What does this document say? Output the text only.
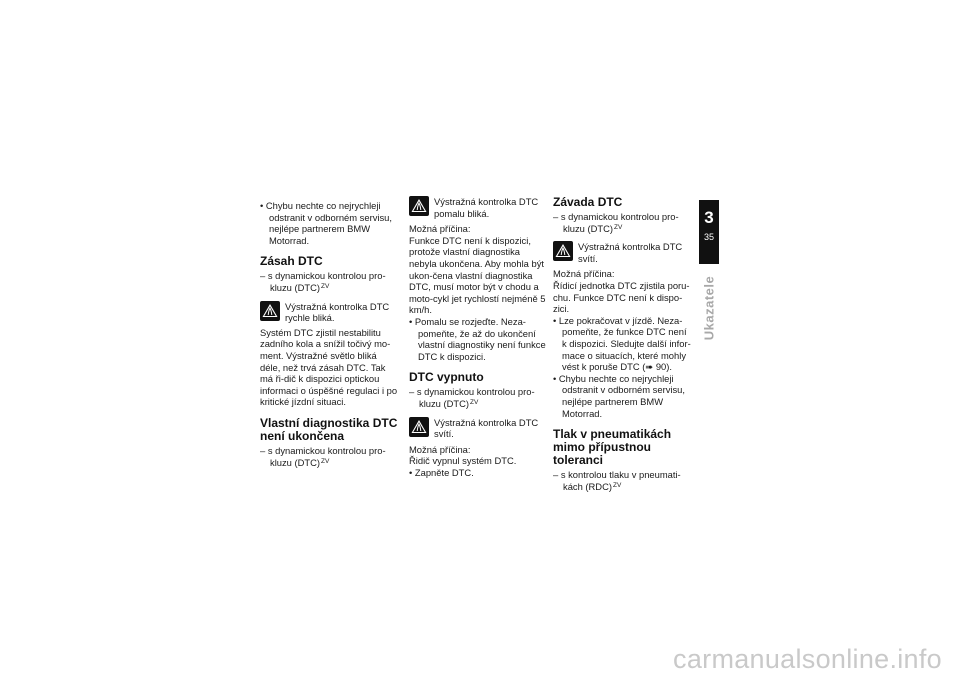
• Chybu nechte co nejrychleji odstranit v odborném servisu, nejlépe partnerem BMW Motorrad.

Zásah DTC

– s dynamickou kontrolou pro-kluzu (DTC)$^{ZV}$

Výstražná kontrolka DTC rychle bliká.

Systém DTC zjistil nestabilitu zadního kola a snížil točivý mo-ment. Výstražné světlo bliká déle, než trvá zásah DTC. Tak má ři-dič k dispozici optickou informaci o úspěšné regulaci i po kritické jízdní situaci.

Vlastní diagnostika DTC není ukončena

– s dynamickou kontrolou pro-kluzu (DTC)$^{ZV}$

Výstražná kontrolka DTC pomalu bliká.

Možná příčina:

Funkce DTC není k dispozici, protože vlastní diagnostika nebyla ukončena. Aby mohla být ukon-čena vlastní diagnostika DTC, musí motor být v chodu a moto-cykl jet rychlostí nejméně 5 km/h.

• Pomalu se rozjeďte. Neza-pomeňte, že až do ukončení vlastní diagnostiky není funkce DTC k dispozici.

DTC vypnuto

– s dynamickou kontrolou pro-kluzu (DTC)$^{ZV}$

Výstražná kontrolka DTC svítí.

Možná příčina:

Řidič vypnul systém DTC.

• Zapněte DTC.

Závada DTC

– s dynamickou kontrolou pro-kluzu (DTC)$^{ZV}$

Výstražná kontrolka DTC svítí.

Možná příčina:

Řídicí jednotka DTC zjistila poru-chu. Funkce DTC není k dispo-zici.

• Lze pokračovat v jízdě. Neza-pomeňte, že funkce DTC není k dispozici. Sledujte další infor-mace o situacích, které mohly vést k poruše DTC (➠ 90).

• Chybu nechte co nejrychleji odstranit v odborném servisu, nejlépe partnerem BMW Motorrad.

Tlak v pneumatikách mimo přípustnou toleranci

– s kontrolou tlaku v pneumati-kách (RDC)$^{ZV}$

3
35
Ukazatele
carmanualsonline.info
